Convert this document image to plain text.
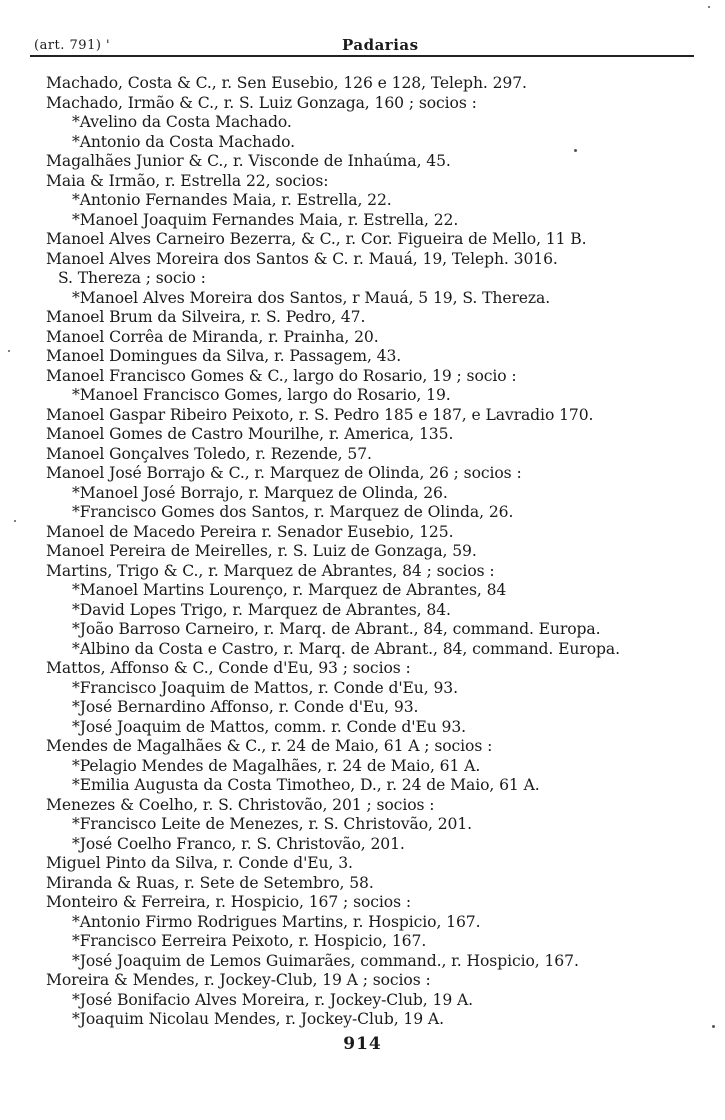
(art. 791) '	Padarias
Machado, Costa & C., r. Sen Eusebio, 126 e 128, Teleph. 297.
Machado, Irmão & C., r. S. Luiz Gonzaga, 160 ; socios :
*Avelino da Costa Machado.
*Antonio da Costa Machado.
Magalhães Junior & C., r. Visconde de Inhaúma, 45.
Maia & Irmão, r. Estrella 22, socios:
*Antonio Fernandes Maia, r. Estrella, 22.
*Manoel Joaquim Fernandes Maia, r. Estrella, 22.
Manoel Alves Carneiro Bezerra, & C., r. Cor. Figueira de Mello, 11 B.
Manoel Alves Moreira dos Santos & C. r. Mauá, 19, Teleph. 3016.
S. Thereza ; socio :
*Manoel Alves Moreira dos Santos, r Mauá, 5 19, S. Thereza.
Manoel Brum da Silveira, r. S. Pedro, 47.
Manoel Corrêa de Miranda, r. Prainha, 20.
Manoel Domingues da Silva, r. Passagem, 43.
Manoel Francisco Gomes & C., largo do Rosario, 19 ; socio :
*Manoel Francisco Gomes, largo do Rosario, 19.
Manoel Gaspar Ribeiro Peixoto, r. S. Pedro 185 e 187, e Lavradio 170.
Manoel Gomes de Castro Mourilhe, r. America, 135.
Manoel Gonçalves Toledo, r. Rezende, 57.
Manoel José Borrajo & C., r. Marquez de Olinda, 26 ; socios :
*Manoel José Borrajo, r. Marquez de Olinda, 26.
*Francisco Gomes dos Santos, r. Marquez de Olinda, 26.
Manoel de Macedo Pereira r. Senador Eusebio, 125.
Manoel Pereira de Meirelles, r. S. Luiz de Gonzaga, 59.
Martins, Trigo & C., r. Marquez de Abrantes, 84 ; socios :
*Manoel Martins Lourenço, r. Marquez de Abrantes, 84
*David Lopes Trigo, r. Marquez de Abrantes, 84.
*João Barroso Carneiro, r. Marq. de Abrant., 84, command. Europa.
*Albino da Costa e Castro, r. Marq. de Abrant., 84, command. Europa.
Mattos, Affonso & C., Conde d'Eu, 93 ; socios :
*Francisco Joaquim de Mattos, r. Conde d'Eu, 93.
*José Bernardino Affonso, r. Conde d'Eu, 93.
*José Joaquim de Mattos, comm. r. Conde d'Eu 93.
Mendes de Magalhães & C., r. 24 de Maio, 61 A ; socios :
*Pelagio Mendes de Magalhães, r. 24 de Maio, 61 A.
*Emilia Augusta da Costa Timotheo, D., r. 24 de Maio, 61 A.
Menezes & Coelho, r. S. Christovão, 201 ; socios :
*Francisco Leite de Menezes, r. S. Christovão, 201.
*José Coelho Franco, r. S. Christovão, 201.
Miguel Pinto da Silva, r. Conde d'Eu, 3.
Miranda & Ruas, r. Sete de Setembro, 58.
Monteiro & Ferreira, r. Hospicio, 167 ; socios :
*Antonio Firmo Rodrigues Martins, r. Hospicio, 167.
*Francisco Eerreira Peixoto, r. Hospicio, 167.
*José Joaquim de Lemos Guimarães, command., r. Hospicio, 167.
Moreira & Mendes, r. Jockey-Club, 19 A ; socios :
*José Bonifacio Alves Moreira, r. Jockey-Club, 19 A.
*Joaquim Nicolau Mendes, r. Jockey-Club, 19 A.
914
